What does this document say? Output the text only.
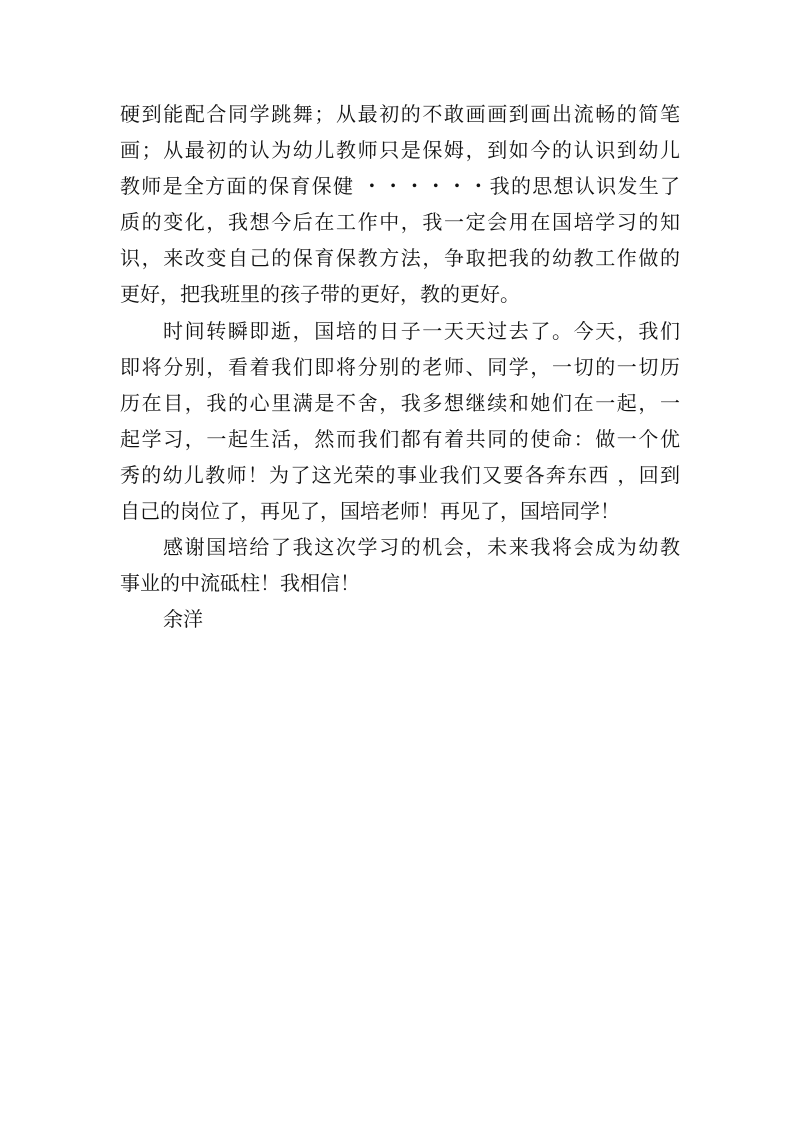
硬到能配合同学跳舞；从最初的不敢画画到画出流畅的简笔
画；从最初的认为幼儿教师只是保姆，到如今的认识到幼儿
教师是全方面的保育保健 ・・・・・・我的思想认识发生了
质的变化，我想今后在工作中，我一定会用在国培学习的知
识，来改变自己的保育保教方法，争取把我的幼教工作做的
更好，把我班里的孩子带的更好，教的更好。
时间转瞬即逝，国培的日子一天天过去了。今天，我们
即将分别，看着我们即将分别的老师、同学，一切的一切历
历在目，我的心里满是不舍，我多想继续和她们在一起，一
起学习，一起生活，然而我们都有着共同的使命：做一个优
秀的幼儿教师！为了这光荣的事业我们又要各奔东西 ，回到
自己的岗位了，再见了，国培老师！再见了，国培同学！
感谢国培给了我这次学习的机会，未来我将会成为幼教
事业的中流砥柱！我相信！
余洋
